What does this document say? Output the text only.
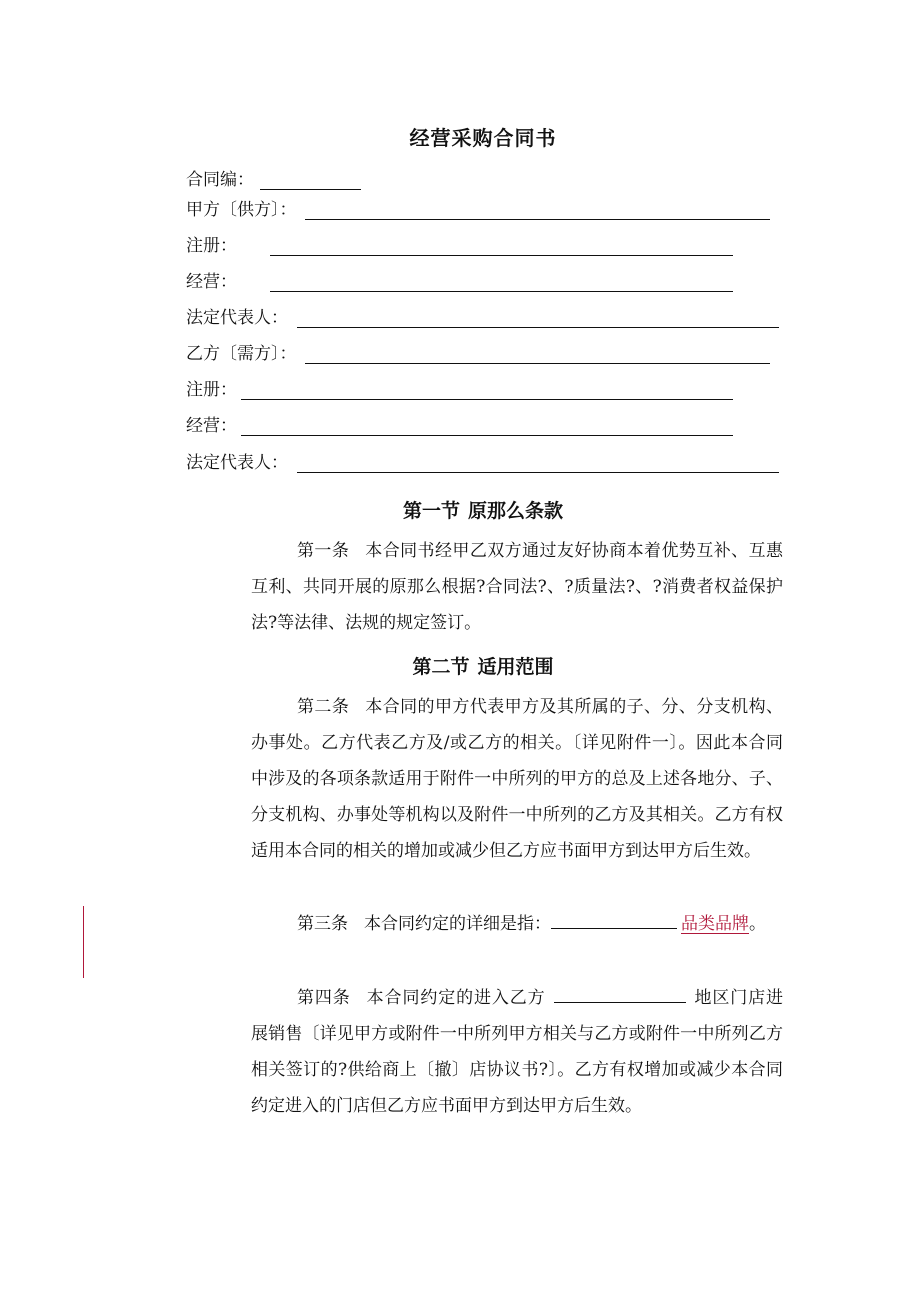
经营采购合同书
合同编：
甲方〔供方〕：
注册：
经营：
法定代表人：
乙方〔需方〕：
注册：
经营：
法定代表人：
第一节 原那么条款
第一条 本合同书经甲乙双方通过友好协商本着优势互补、互惠互利、共同开展的原那么根据?合同法?、?质量法?、?消费者权益保护法?等法律、法规的规定签订。
第二节 适用范围
第二条 本合同的甲方代表甲方及其所属的子、分、分支机构、办事处。乙方代表乙方及/或乙方的相关。〔详见附件一〕。因此本合同中涉及的各项条款适用于附件一中所列的甲方的总及上述各地分、子、分支机构、办事处等机构以及附件一中所列的乙方及其相关。乙方有权适用本合同的相关的增加或减少但乙方应书面甲方到达甲方后生效。
第三条 本合同约定的详细是指：	品类品牌。
第四条 本合同约定的进入乙方	地区门店进展销售〔详见甲方或附件一中所列甲方相关与乙方或附件一中所列乙方相关签订的?供给商上〔撤〕店协议书?〕。乙方有权增加或减少本合同约定进入的门店但乙方应书面甲方到达甲方后生效。
